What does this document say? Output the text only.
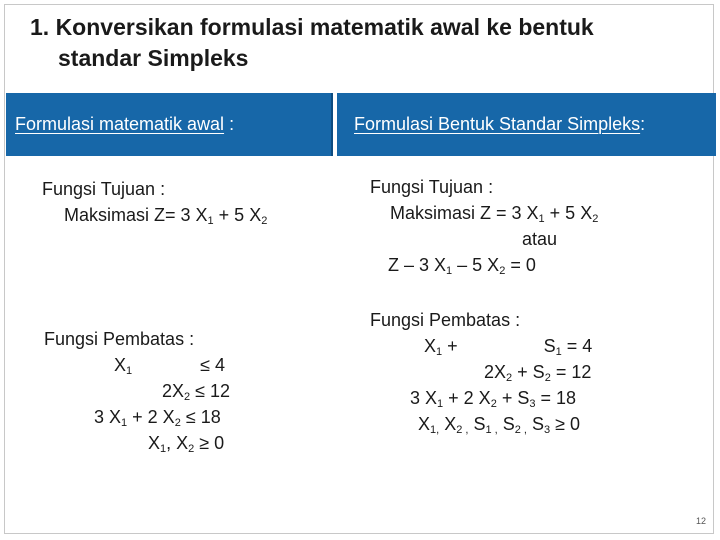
1. Konversikan formulasi matematik awal ke bentuk
standar Simpleks
Formulasi matematik awal :	Formulasi Bentuk Standar Simpleks:
Fungsi Tujuan :
Maksimasi Z= 3 $X_1 + 5$ $X_2$
Fungsi Pembatas :
$X_1$	≤ 4
$2X_2 \le 12$
3 $X_1 + 2$ $X_2 \le 18$
$X_1$, $X_2 \ge 0$
Fungsi Tujuan :
Maksimasi Z = 3 $X_1 + 5$ $X_2$
atau
Z – 3 $X_1 - 5$ $X_2 = 0$
Fungsi Pembatas :
$X_1$ +	$S_1 = 4$
$2X_2 + S_2 = 12$
3 $X_1 + 2$ $X_2 + S_3 = 18$
$X_{1,}$ $X_{2 ,}$ $S_{1 ,}$ $S_{2 ,}$ $S_3 \ge 0$
12
